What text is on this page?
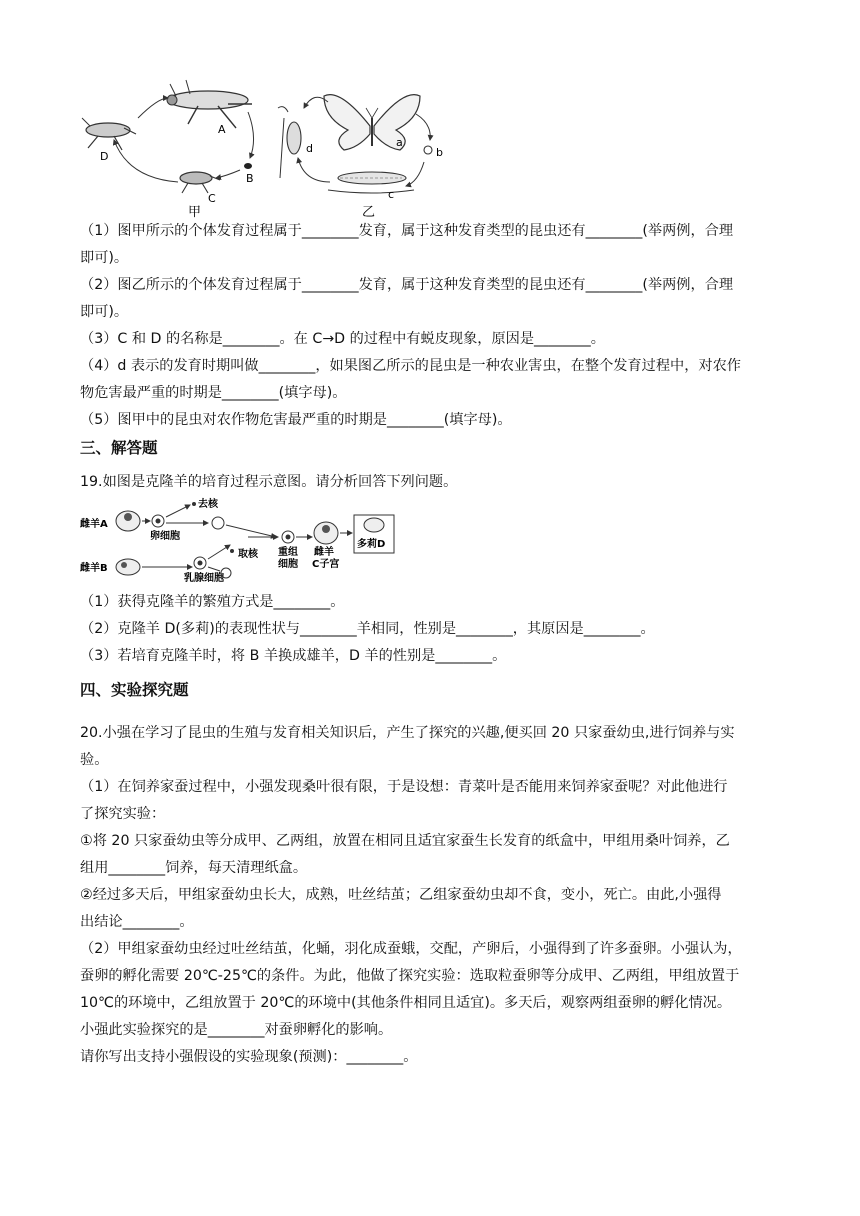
A
B
C
D
甲
a
b
c
d
乙
（1）图甲所示的个体发育过程属于________发育，属于这种发育类型的昆虫还有________(举两例，合理
即可)。
（2）图乙所示的个体发育过程属于________发育，属于这种发育类型的昆虫还有________(举两例，合理
即可)。
（3）C 和 D 的名称是________。在 C→D 的过程中有蜕皮现象，原因是________。
（4）d 表示的发育时期叫做________，如果图乙所示的昆虫是一种农业害虫，在整个发育过程中，对农作
物危害最严重的时期是________(填字母)。
（5）图甲中的昆虫对农作物危害最严重的时期是________(填字母)。
三、解答题
19.如图是克隆羊的培育过程示意图。请分析回答下列问题。
雌羊A
卵细胞
去核
雌羊B
乳腺细胞
取核 重组
细胞
雌羊
C子宫
多莉D
（1）获得克隆羊的繁殖方式是________。
（2）克隆羊 D(多莉)的表现性状与________羊相同，性别是________，其原因是________。
（3）若培育克隆羊时，将 B 羊换成雄羊，D 羊的性别是________。
四、实验探究题
20.小强在学习了昆虫的生殖与发育相关知识后，产生了探究的兴趣,便买回 20 只家蚕幼虫,进行饲养与实
验。
（1）在饲养家蚕过程中，小强发现桑叶很有限，于是设想：青菜叶是否能用来饲养家蚕呢？对此他进行
了探究实验：
①将 20 只家蚕幼虫等分成甲、乙两组，放置在相同且适宜家蚕生长发育的纸盒中，甲组用桑叶饲养，乙
组用________饲养，每天清理纸盒。
②经过多天后，甲组家蚕幼虫长大，成熟，吐丝结茧；乙组家蚕幼虫却不食，变小，死亡。由此,小强得
出结论________。
（2）甲组家蚕幼虫经过吐丝结茧，化蛹，羽化成蚕蛾，交配，产卵后，小强得到了许多蚕卵。小强认为，
蚕卵的孵化需要 20℃-25℃的条件。为此，他做了探究实验：选取粒蚕卵等分成甲、乙两组，甲组放置于
10℃的环境中，乙组放置于 20℃的环境中(其他条件相同且适宜)。多天后，观察两组蚕卵的孵化情况。
小强此实验探究的是________对蚕卵孵化的影响。
请你写出支持小强假设的实验现象(预测)：________。
